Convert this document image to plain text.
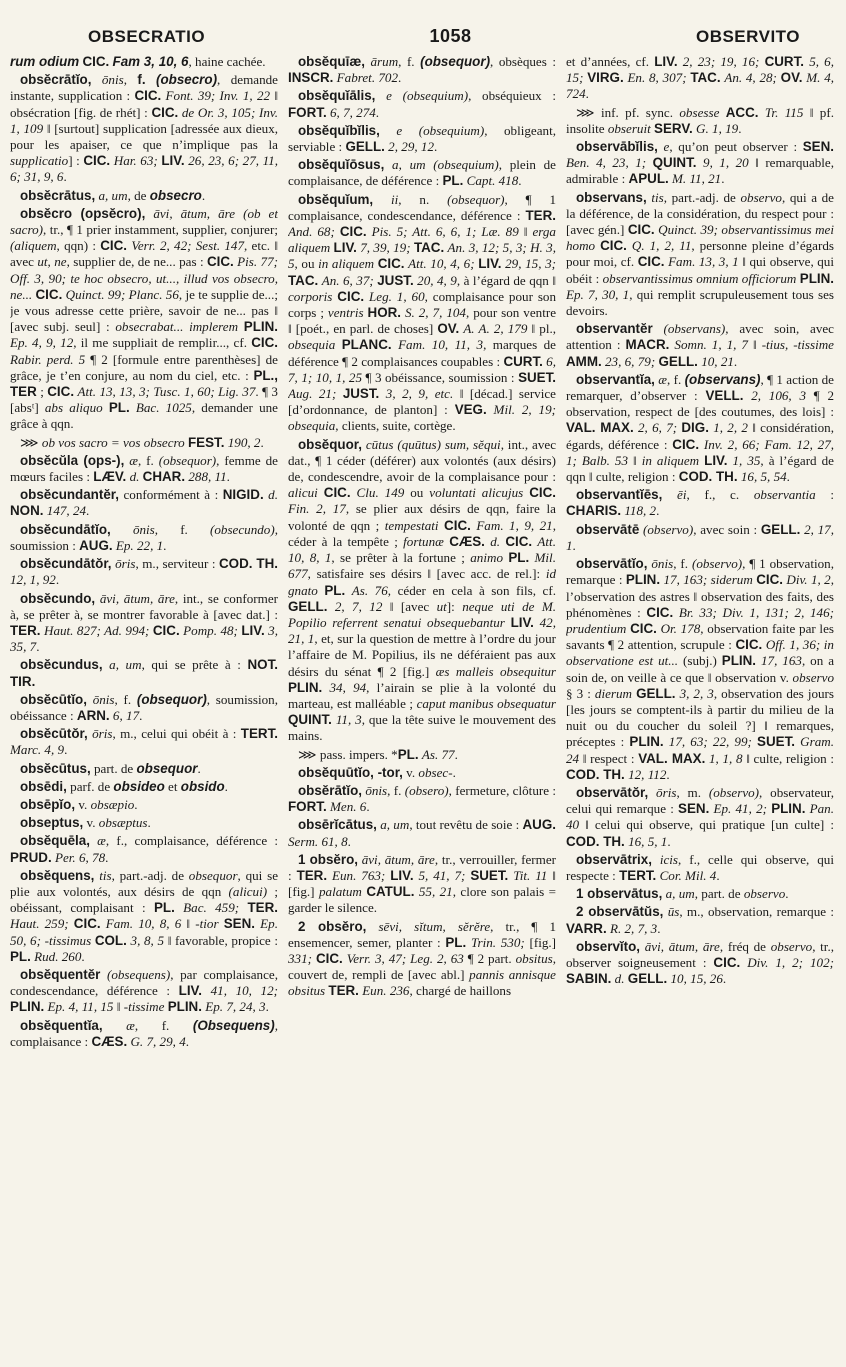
OBSECRATIO	1058	OBSERVITO

rum odium CIC. Fam 3, 10, 6, haine cachée.

obsĕcrātĭo, ōnis, f. (obsecro), demande instante, supplication : CIC. Font. 39; Inv. 1, 22 ǁ obsécration [fig. de rhét] : CIC. de Or. 3, 105; Inv. 1, 109 ǁ [surtout] supplication [adressée aux dieux, pour les apaiser, ce que n’implique pas la supplicatio] : CIC. Har. 63; LIV. 26, 23, 6; 27, 11, 6; 31, 9, 6.

obsĕcrātus, a, um, de obsecro.

obsĕcro (opsĕcro), āvi, ātum, āre (ob et sacro), tr., ¶ 1 prier instamment, supplier, conjurer; (aliquem, qqn) : CIC. Verr. 2, 42; Sest. 147, etc. ǁ avec ut, ne, supplier de, de ne... pas : CIC. Pis. 77; Off. 3, 90; te hoc obsecro, ut..., illud vos obsecro, ne... CIC. Quinct. 99; Planc. 56, je te supplie de...; je vous adresse cette prière, savoir de ne... pas ǁ [avec subj. seul] : obsecrabat... implerem PLIN. Ep. 4, 9, 12, il me suppliait de remplir..., cf. CIC. Rabir. perd. 5 ¶ 2 [formule entre parenthèses] de grâce, je t’en conjure, au nom du ciel, etc. : PL., TER ; CIC. Att. 13, 13, 3; Tusc. 1, 60; Lig. 37. ¶ 3 [absᵗ] abs aliquo PL. Bac. 1025, demander une grâce à qqn.

⋙ ob vos sacro = vos obsecro FEST. 190, 2.

obsĕcŭla (ops-), æ, f. (obsequor), femme de mœurs faciles : LÆV. d. CHAR. 288, 11.

obsĕcundantĕr, conformément à : NIGID. d. NON. 147, 24.

obsĕcundātĭo, ōnis, f. (obsecundo), soumission : AUG. Ep. 22, 1.

obsĕcundātŏr, ōris, m., serviteur : COD. TH. 12, 1, 92.

obsĕcundo, āvi, ātum, āre, int., se conformer à, se prêter à, se montrer favorable à [avec dat.] : TER. Haut. 827; Ad. 994; CIC. Pomp. 48; LIV. 3, 35, 7.

obsĕcundus, a, um, qui se prête à : NOT. TIR.

obsĕcūtĭo, ōnis, f. (obsequor), soumission, obéissance : ARN. 6, 17.

obsĕcūtŏr, ōris, m., celui qui obéit à : TERT. Marc. 4, 9.

obsĕcūtus, part. de obsequor.

obsēdi, parf. de obsideo et obsido.

obsēpĭo, v. obsæpio.

obseptus, v. obsæptus.

obsĕquēla, æ, f., complaisance, déférence : PRUD. Per. 6, 78.

obsĕquens, tis, part.-adj. de obsequor, qui se plie aux volontés, aux désirs de qqn (alicui) ; obéissant, complaisant : PL. Bac. 459; TER. Haut. 259; CIC. Fam. 10, 8, 6 ǁ -tior SEN. Ep. 50, 6; -tissimus COL. 3, 8, 5 ǁ favorable, propice : PL. Rud. 260.

obsĕquentĕr (obsequens), par complaisance, condescendance, déférence : LIV. 41, 10, 12; PLIN. Ep. 4, 11, 15 ǁ -tissime PLIN. Ep. 7, 24, 3.

obsĕquentĭa, æ, f. (Obsequens), complaisance : CÆS. G. 7, 29, 4.

obsĕquīæ, ārum, f. (obsequor), obsèques : INSCR. Fabret. 702.

obsĕquĭālis, e (obsequium), obséquieux : FORT. 6, 7, 274.

obsĕquĭbĭlis, e (obsequium), obligeant, serviable : GELL. 2, 29, 12.

obsĕquĭōsus, a, um (obsequium), plein de complaisance, de déférence : PL. Capt. 418.

obsĕquĭum, ii, n. (obsequor), ¶ 1 complaisance, condescendance, déférence : TER. And. 68; CIC. Pis. 5; Att. 6, 6, 1; Læ. 89 ǁ erga aliquem LIV. 7, 39, 19; TAC. An. 3, 12; 5, 3; H. 3, 5, ou in aliquem CIC. Att. 10, 4, 6; LIV. 29, 15, 3; TAC. An. 6, 37; JUST. 20, 4, 9, à l’égard de qqn ǁ corporis CIC. Leg. 1, 60, complaisance pour son corps ; ventris HOR. S. 2, 7, 104, pour son ventre ǁ [poét., en parl. de choses] OV. A. A. 2, 179 ǁ pl., obsequia PLANC. Fam. 10, 11, 3, marques de déférence ¶ 2 complaisances coupables : CURT. 6, 7, 1; 10, 1, 25 ¶ 3 obéissance, soumission : SUET. Aug. 21; JUST. 3, 2, 9, etc. ǁ [décad.] service [d’ordonnance, de planton] : VEG. Mil. 2, 19; obsequia, clients, suite, cortège.

obsĕquor, cūtus (quūtus) sum, sĕqui, int., avec dat., ¶ 1 céder (déférer) aux volontés (aux désirs) de, condescendre, avoir de la complaisance pour : alicui CIC. Clu. 149 ou voluntati alicujus CIC. Fin. 2, 17, se plier aux désirs de qqn, faire la volonté de qqn ; tempestati CIC. Fam. 1, 9, 21, céder à la tempête ; fortunæ CÆS. d. CIC. Att. 10, 8, 1, se prêter à la fortune ; animo PL. Mil. 677, satisfaire ses désirs ǁ [avec acc. de rel.]: id gnato PL. As. 76, céder en cela à son fils, cf. GELL. 2, 7, 12 ǁ [avec ut]: neque uti de M. Popilio referrent senatui obsequebantur LIV. 42, 21, 1, et, sur la question de mettre à l’ordre du jour l’affaire de M. Popilius, ils ne déféraient pas aux désirs du sénat ¶ 2 [fig.] æs malleis obsequitur PLIN. 34, 94, l’airain se plie à la volonté du marteau, est malléable ; caput manibus obsequatur QUINT. 11, 3, que la tête suive le mouvement des mains.

⋙ pass. impers. *PL. As. 77.

obsĕquūtĭo, -tor, v. obsec-.

obsĕrātĭo, ōnis, f. (obsero), fermeture, clôture : FORT. Men. 6.

obsērĭcātus, a, um, tout revêtu de soie : AUG. Serm. 61, 8.

1 obsĕro, āvi, ātum, āre, tr., verrouiller, fermer : TER. Eun. 763; LIV. 5, 41, 7; SUET. Tit. 11 ǁ [fig.] palatum CATUL. 55, 21, clore son palais = garder le silence.

2 obsĕro, sēvi, sĭtum, sĕrĕre, tr., ¶ 1 ensemencer, semer, planter : PL. Trin. 530; [fig.] 331; CIC. Verr. 3, 47; Leg. 2, 63 ¶ 2 part. obsitus, couvert de, rempli de [avec abl.] pannis annisque obsitus TER. Eun. 236, chargé de haillons

et d’années, cf. LIV. 2, 23; 19, 16; CURT. 5, 6, 15; VIRG. En. 8, 307; TAC. An. 4, 28; OV. M. 4, 724.

⋙ inf. pf. sync. obsesse ACC. Tr. 115 ǁ pf. insolite obseruit SERV. G. 1, 19.

observābĭlis, e, qu’on peut observer : SEN. Ben. 4, 23, 1; QUINT. 9, 1, 20 ǁ remarquable, admirable : APUL. M. 11, 21.

observans, tis, part.-adj. de observo, qui a de la déférence, de la considération, du respect pour : [avec gén.] CIC. Quinct. 39; observantissimus mei homo CIC. Q. 1, 2, 11, personne pleine d’égards pour moi, cf. CIC. Fam. 13, 3, 1 ǁ qui observe, qui obéit : observantissimus omnium officiorum PLIN. Ep. 7, 30, 1, qui remplit scrupuleusement tous ses devoirs.

observantĕr (observans), avec soin, avec attention : MACR. Somn. 1, 1, 7 ǁ -tius, -tissime AMM. 23, 6, 79; GELL. 10, 21.

observantĭa, æ, f. (observans), ¶ 1 action de remarquer, d’observer : VELL. 2, 106, 3 ¶ 2 observation, respect de [des coutumes, des lois] : VAL. MAX. 2, 6, 7; DIG. 1, 2, 2 ǁ considération, égards, déférence : CIC. Inv. 2, 66; Fam. 12, 27, 1; Balb. 53 ǁ in aliquem LIV. 1, 35, à l’égard de qqn ǁ culte, religion : COD. TH. 16, 5, 54.

observantĭēs, ēi, f., c. observantia : CHARIS. 118, 2.

observātē (observo), avec soin : GELL. 2, 17, 1.

observātĭo, ōnis, f. (observo), ¶ 1 observation, remarque : PLIN. 17, 163; siderum CIC. Div. 1, 2, l’observation des astres ǁ observation des faits, des phénomènes : CIC. Br. 33; Div. 1, 131; 2, 146; prudentium CIC. Or. 178, observation faite par les savants ¶ 2 attention, scrupule : CIC. Off. 1, 36; in observatione est ut... (subj.) PLIN. 17, 163, on a soin de, on veille à ce que ǁ observation v. observo § 3 : dierum GELL. 3, 2, 3, observation des jours [les jours se comptent-ils à partir du milieu de la nuit ou du coucher du soleil ?] ǁ remarques, préceptes : PLIN. 17, 63; 22, 99; SUET. Gram. 24 ǁ respect : VAL. MAX. 1, 1, 8 ǁ culte, religion : COD. TH. 12, 112.

observātŏr, ōris, m. (observo), observateur, celui qui remarque : SEN. Ep. 41, 2; PLIN. Pan. 40 ǁ celui qui observe, qui pratique [un culte] : COD. TH. 16, 5, 1.

observātrix, icis, f., celle qui observe, qui respecte : TERT. Cor. Mil. 4.

1 observātus, a, um, part. de observo.

2 observātŭs, ūs, m., observation, remarque : VARR. R. 2, 7, 3.

observĭto, āvi, ātum, āre, fréq de observo, tr., observer soigneusement : CIC. Div. 1, 2; 102; SABIN. d. GELL. 10, 15, 26.
